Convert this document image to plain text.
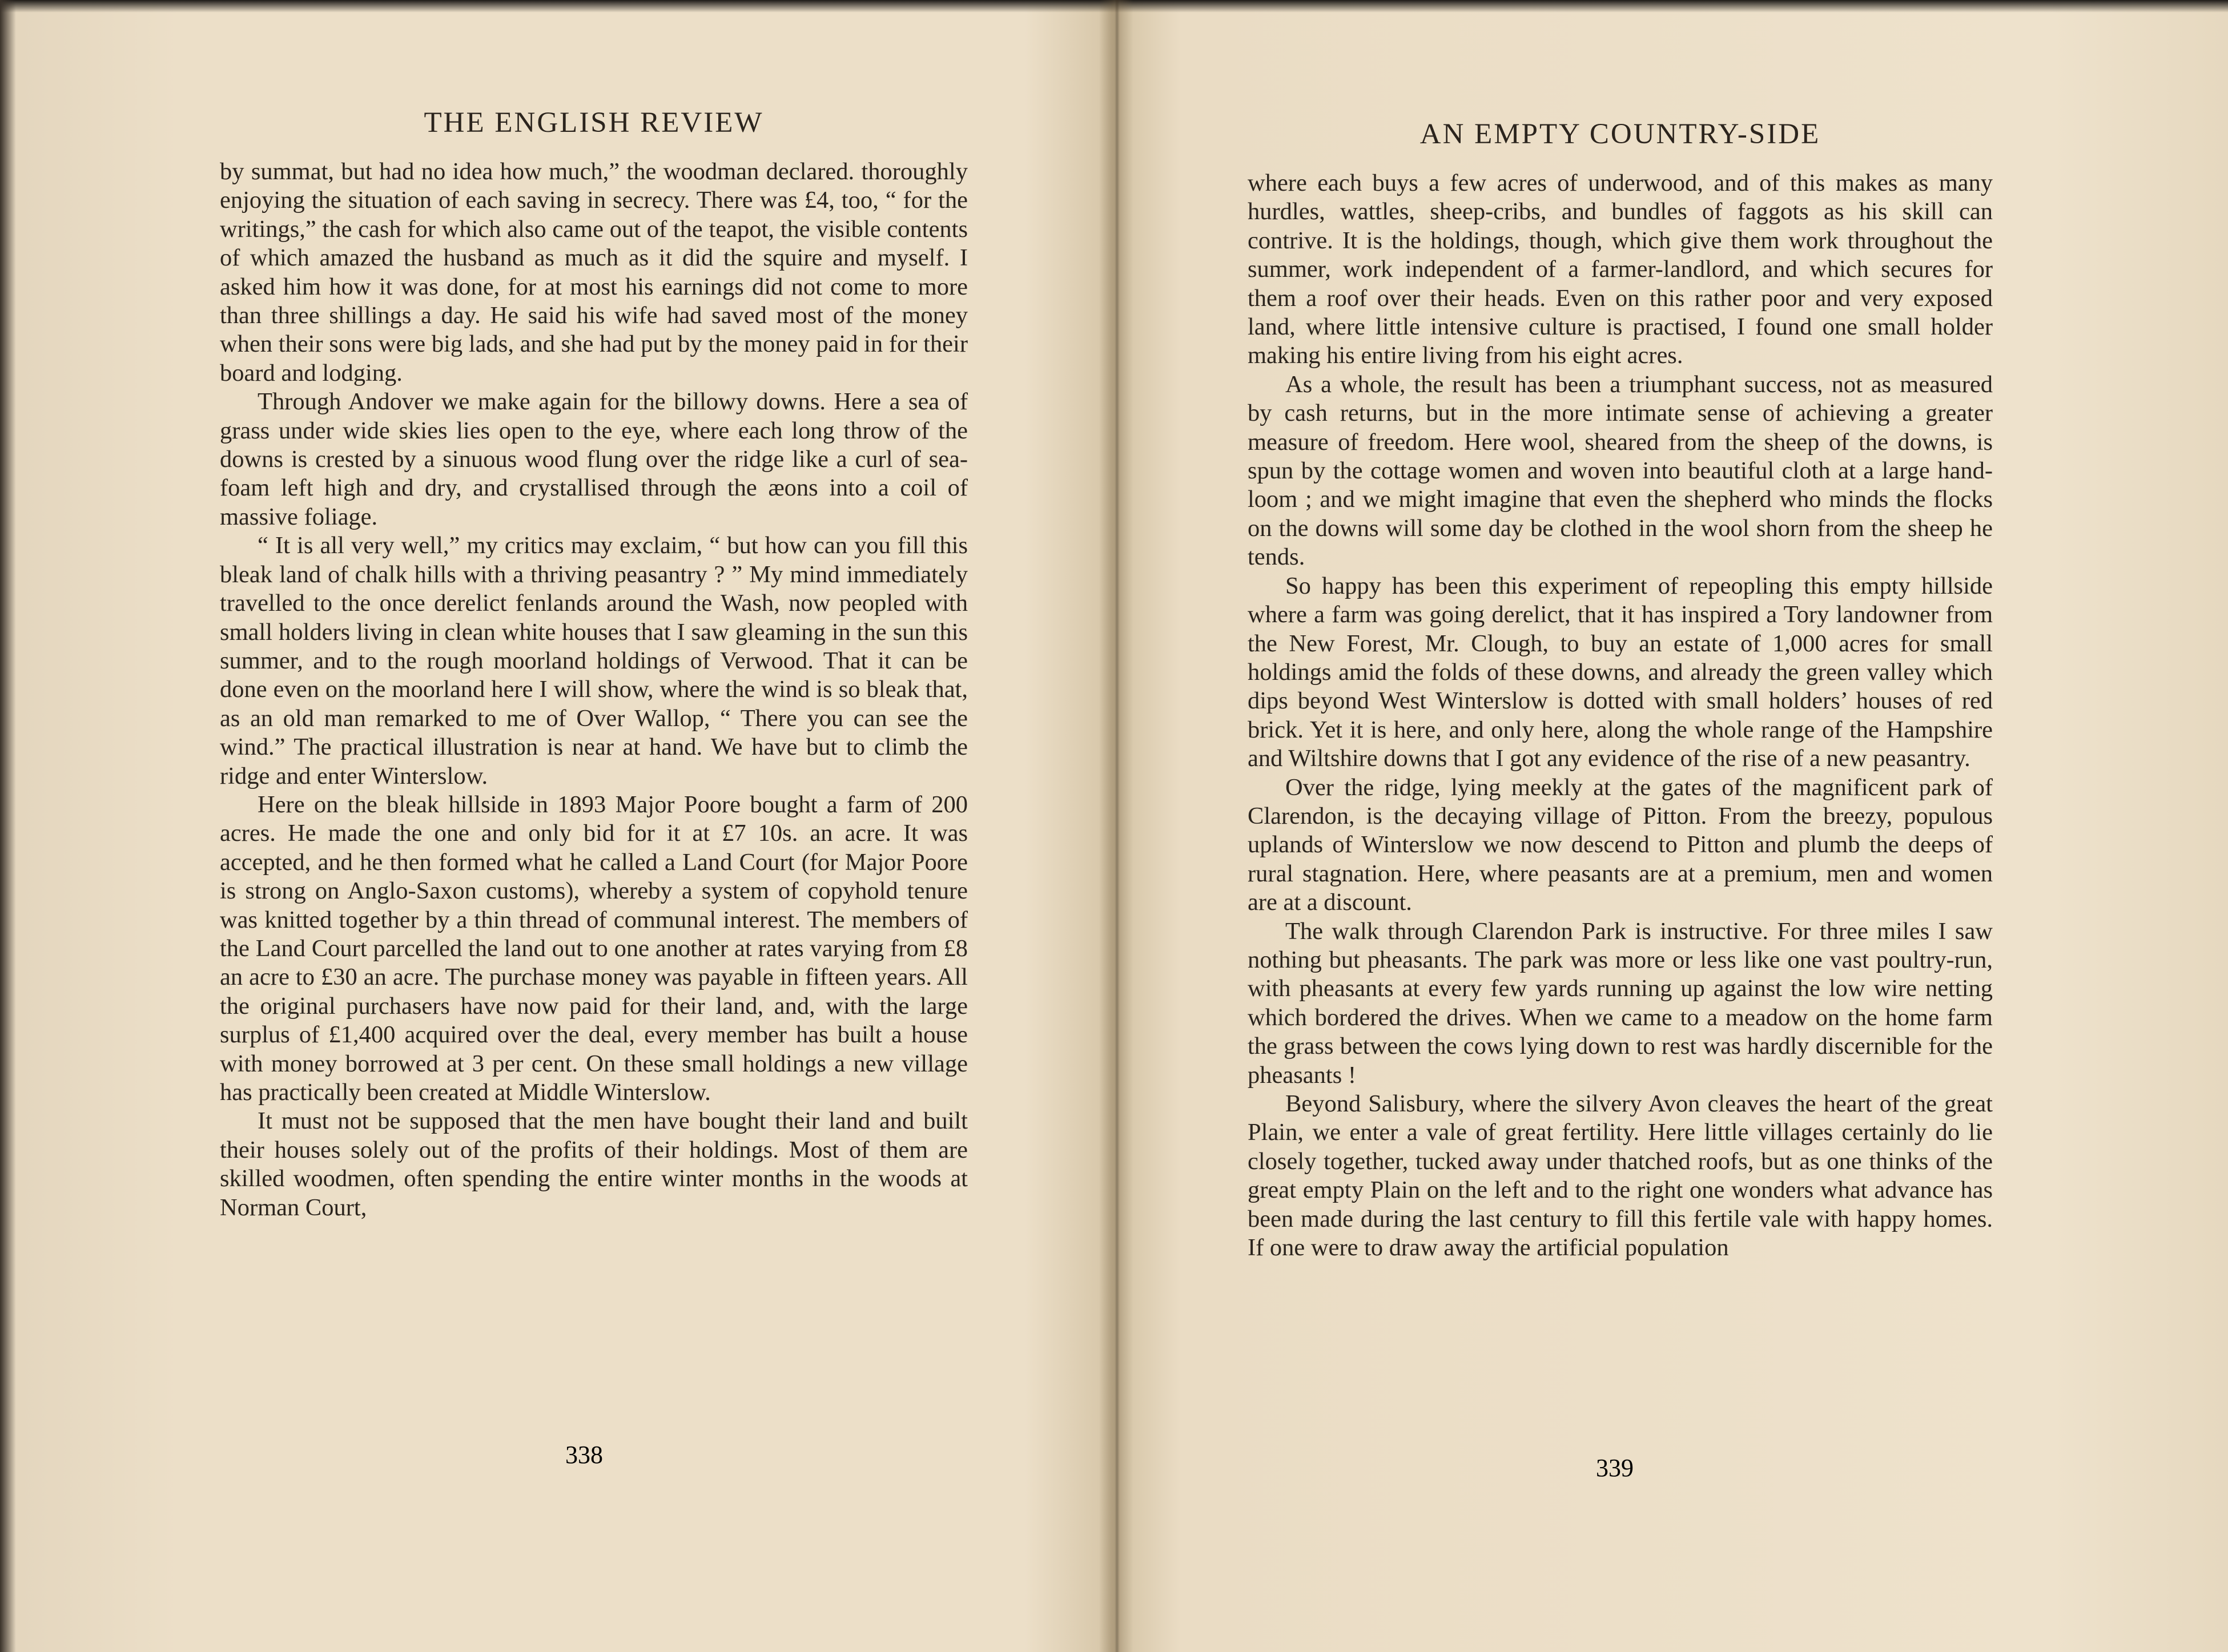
THE ENGLISH REVIEW

by summat, but had no idea how much,” the woodman declared. thoroughly enjoying the situation of each saving in secrecy. There was £4, too, “ for the writings,” the cash for which also came out of the teapot, the visible contents of which amazed the husband as much as it did the squire and myself. I asked him how it was done, for at most his earnings did not come to more than three shillings a day. He said his wife had saved most of the money when their sons were big lads, and she had put by the money paid in for their board and lodging.

Through Andover we make again for the billowy downs. Here a sea of grass under wide skies lies open to the eye, where each long throw of the downs is crested by a sinuous wood flung over the ridge like a curl of sea-foam left high and dry, and crystallised through the æons into a coil of massive foliage.

“ It is all very well,” my critics may exclaim, “ but how can you fill this bleak land of chalk hills with a thriving peasantry ? ” My mind immediately travelled to the once derelict fenlands around the Wash, now peopled with small holders living in clean white houses that I saw gleaming in the sun this summer, and to the rough moorland holdings of Verwood. That it can be done even on the moorland here I will show, where the wind is so bleak that, as an old man remarked to me of Over Wallop, “ There you can see the wind.” The practical illustration is near at hand. We have but to climb the ridge and enter Winterslow.

Here on the bleak hillside in 1893 Major Poore bought a farm of 200 acres. He made the one and only bid for it at £7 10s. an acre. It was accepted, and he then formed what he called a Land Court (for Major Poore is strong on Anglo-Saxon customs), whereby a system of copyhold tenure was knitted together by a thin thread of communal interest. The members of the Land Court parcelled the land out to one another at rates varying from £8 an acre to £30 an acre. The purchase money was payable in fifteen years. All the original purchasers have now paid for their land, and, with the large surplus of £1,400 acquired over the deal, every member has built a house with money borrowed at 3 per cent. On these small holdings a new village has practically been created at Middle Winterslow.

It must not be supposed that the men have bought their land and built their houses solely out of the profits of their holdings. Most of them are skilled woodmen, often spending the entire winter months in the woods at Norman Court,

338
AN EMPTY COUNTRY-SIDE

where each buys a few acres of underwood, and of this makes as many hurdles, wattles, sheep-cribs, and bundles of faggots as his skill can contrive. It is the holdings, though, which give them work throughout the summer, work independent of a farmer-landlord, and which secures for them a roof over their heads. Even on this rather poor and very exposed land, where little intensive culture is practised, I found one small holder making his entire living from his eight acres.

As a whole, the result has been a triumphant success, not as measured by cash returns, but in the more intimate sense of achieving a greater measure of freedom. Here wool, sheared from the sheep of the downs, is spun by the cottage women and woven into beautiful cloth at a large hand-loom ; and we might imagine that even the shepherd who minds the flocks on the downs will some day be clothed in the wool shorn from the sheep he tends.

So happy has been this experiment of repeopling this empty hillside where a farm was going derelict, that it has inspired a Tory landowner from the New Forest, Mr. Clough, to buy an estate of 1,000 acres for small holdings amid the folds of these downs, and already the green valley which dips beyond West Winterslow is dotted with small holders’ houses of red brick. Yet it is here, and only here, along the whole range of the Hampshire and Wiltshire downs that I got any evidence of the rise of a new peasantry.

Over the ridge, lying meekly at the gates of the magnificent park of Clarendon, is the decaying village of Pitton. From the breezy, populous uplands of Winterslow we now descend to Pitton and plumb the deeps of rural stagnation. Here, where peasants are at a premium, men and women are at a discount.

The walk through Clarendon Park is instructive. For three miles I saw nothing but pheasants. The park was more or less like one vast poultry-run, with pheasants at every few yards running up against the low wire netting which bordered the drives. When we came to a meadow on the home farm the grass between the cows lying down to rest was hardly discernible for the pheasants !

Beyond Salisbury, where the silvery Avon cleaves the heart of the great Plain, we enter a vale of great fertility. Here little villages certainly do lie closely together, tucked away under thatched roofs, but as one thinks of the great empty Plain on the left and to the right one wonders what advance has been made during the last century to fill this fertile vale with happy homes. If one were to draw away the artificial population

339
